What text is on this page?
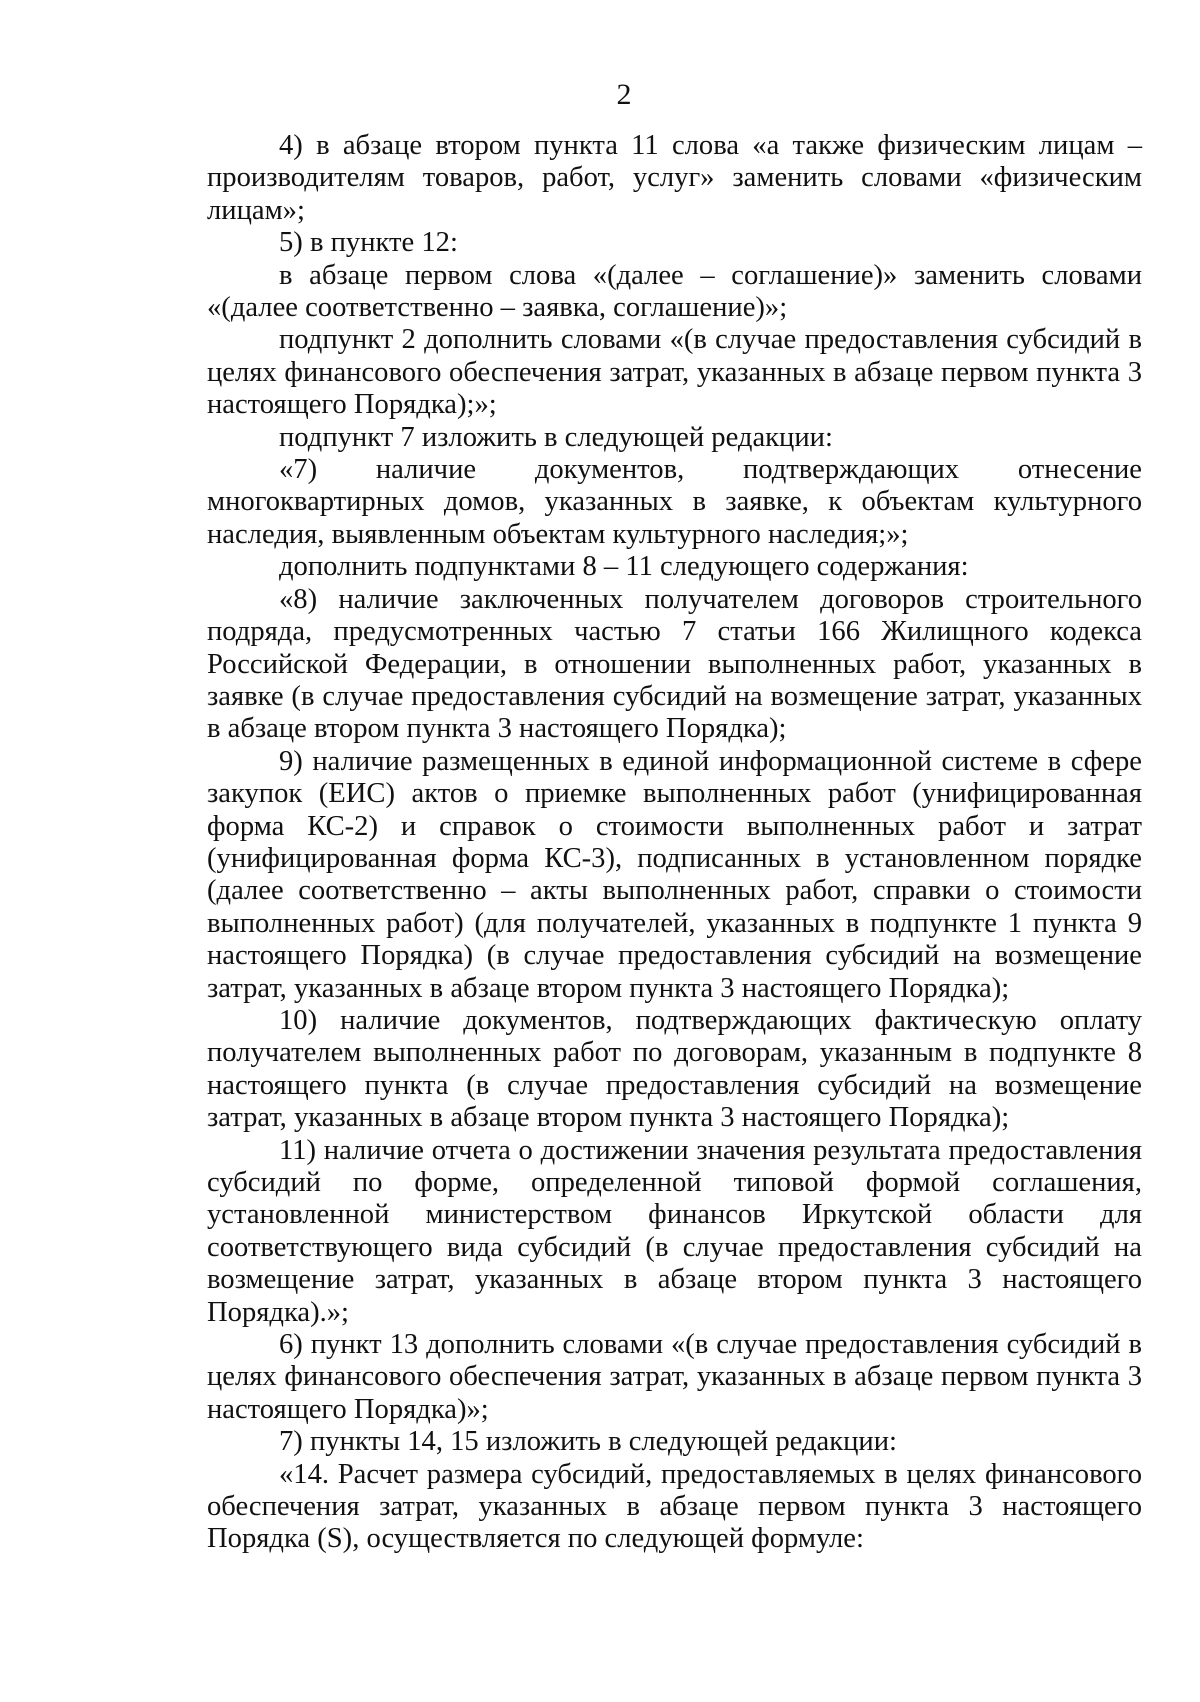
2

4) в абзаце втором пункта 11 слова «а также физическим лицам – производителям товаров, работ, услуг» заменить словами «физическим лицам»;

5) в пункте 12:

в абзаце первом слова «(далее – соглашение)» заменить словами «(далее соответственно – заявка, соглашение)»;

подпункт 2 дополнить словами «(в случае предоставления субсидий в целях финансового обеспечения затрат, указанных в абзаце первом пункта 3 настоящего Порядка);»;

подпункт 7 изложить в следующей редакции:

«7) наличие документов, подтверждающих отнесение многоквартирных домов, указанных в заявке, к объектам культурного наследия, выявленным объектам культурного наследия;»;

дополнить подпунктами 8 – 11 следующего содержания:

«8) наличие заключенных получателем договоров строительного подряда, предусмотренных частью 7 статьи 166 Жилищного кодекса Российской Федерации, в отношении выполненных работ, указанных в заявке (в случае предоставления субсидий на возмещение затрат, указанных в абзаце втором пункта 3 настоящего Порядка);

9) наличие размещенных в единой информационной системе в сфере закупок (ЕИС) актов о приемке выполненных работ (унифицированная форма КС-2) и справок о стоимости выполненных работ и затрат (унифицированная форма КС-3), подписанных в установленном порядке (далее соответственно – акты выполненных работ, справки о стоимости выполненных работ) (для получателей, указанных в подпункте 1 пункта 9 настоящего Порядка) (в случае предоставления субсидий на возмещение затрат, указанных в абзаце втором пункта 3 настоящего Порядка);

10) наличие документов, подтверждающих фактическую оплату получателем выполненных работ по договорам, указанным в подпункте 8 настоящего пункта (в случае предоставления субсидий на возмещение затрат, указанных в абзаце втором пункта 3 настоящего Порядка);

11) наличие отчета о достижении значения результата предоставления субсидий по форме, определенной типовой формой соглашения, установленной министерством финансов Иркутской области для соответствующего вида субсидий (в случае предоставления субсидий на возмещение затрат, указанных в абзаце втором пункта 3 настоящего Порядка).»;

6) пункт 13 дополнить словами «(в случае предоставления субсидий в целях финансового обеспечения затрат, указанных в абзаце первом пункта 3 настоящего Порядка)»;

7) пункты 14, 15 изложить в следующей редакции:

«14. Расчет размера субсидий, предоставляемых в целях финансового обеспечения затрат, указанных в абзаце первом пункта 3 настоящего Порядка (S), осуществляется по следующей формуле:
